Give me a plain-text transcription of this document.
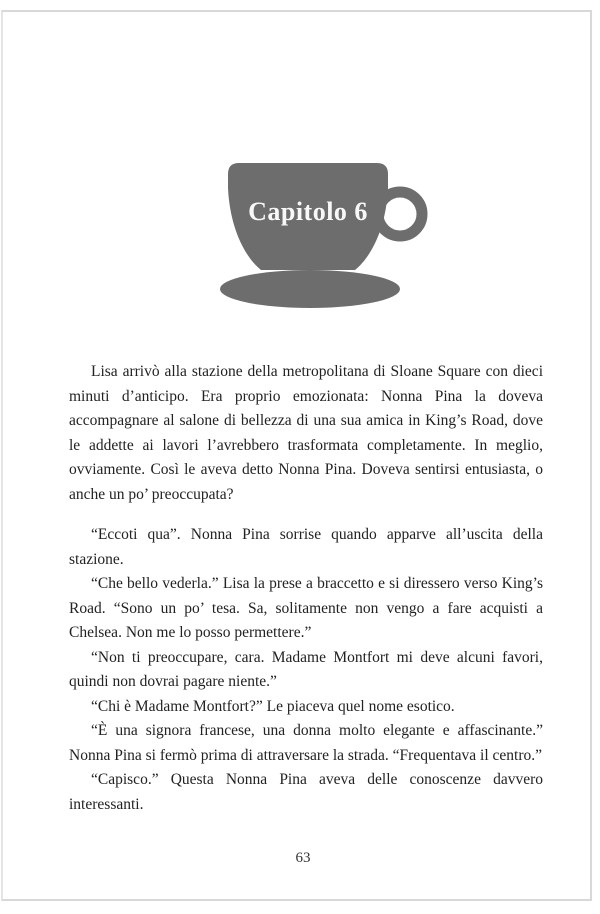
Capitolo 6

Lisa arrivò alla stazione della metropolitana di Sloane Square con dieci minuti d’anticipo. Era proprio emozionata: Nonna Pina la doveva accompagnare al salone di bellezza di una sua amica in King’s Road, dove le addette ai lavori l’avrebbero trasformata completamente. In meglio, ovviamente. Così le aveva detto Nonna Pina. Doveva sentirsi entusiasta, o anche un po’ preoccupata?

“Eccoti qua”. Nonna Pina sorrise quando apparve all’uscita della stazione.

“Che bello vederla.” Lisa la prese a braccetto e si diressero verso King’s Road. “Sono un po’ tesa. Sa, solitamente non vengo a fare acquisti a Chelsea. Non me lo posso permettere.”

“Non ti preoccupare, cara. Madame Montfort mi deve alcuni favori, quindi non dovrai pagare niente.”

“Chi è Madame Montfort?” Le piaceva quel nome esotico.

“È una signora francese, una donna molto elegante e affascinante.” Nonna Pina si fermò prima di attraversare la strada. “Frequentava il centro.”

“Capisco.” Questa Nonna Pina aveva delle conoscenze davvero interessanti.

63
